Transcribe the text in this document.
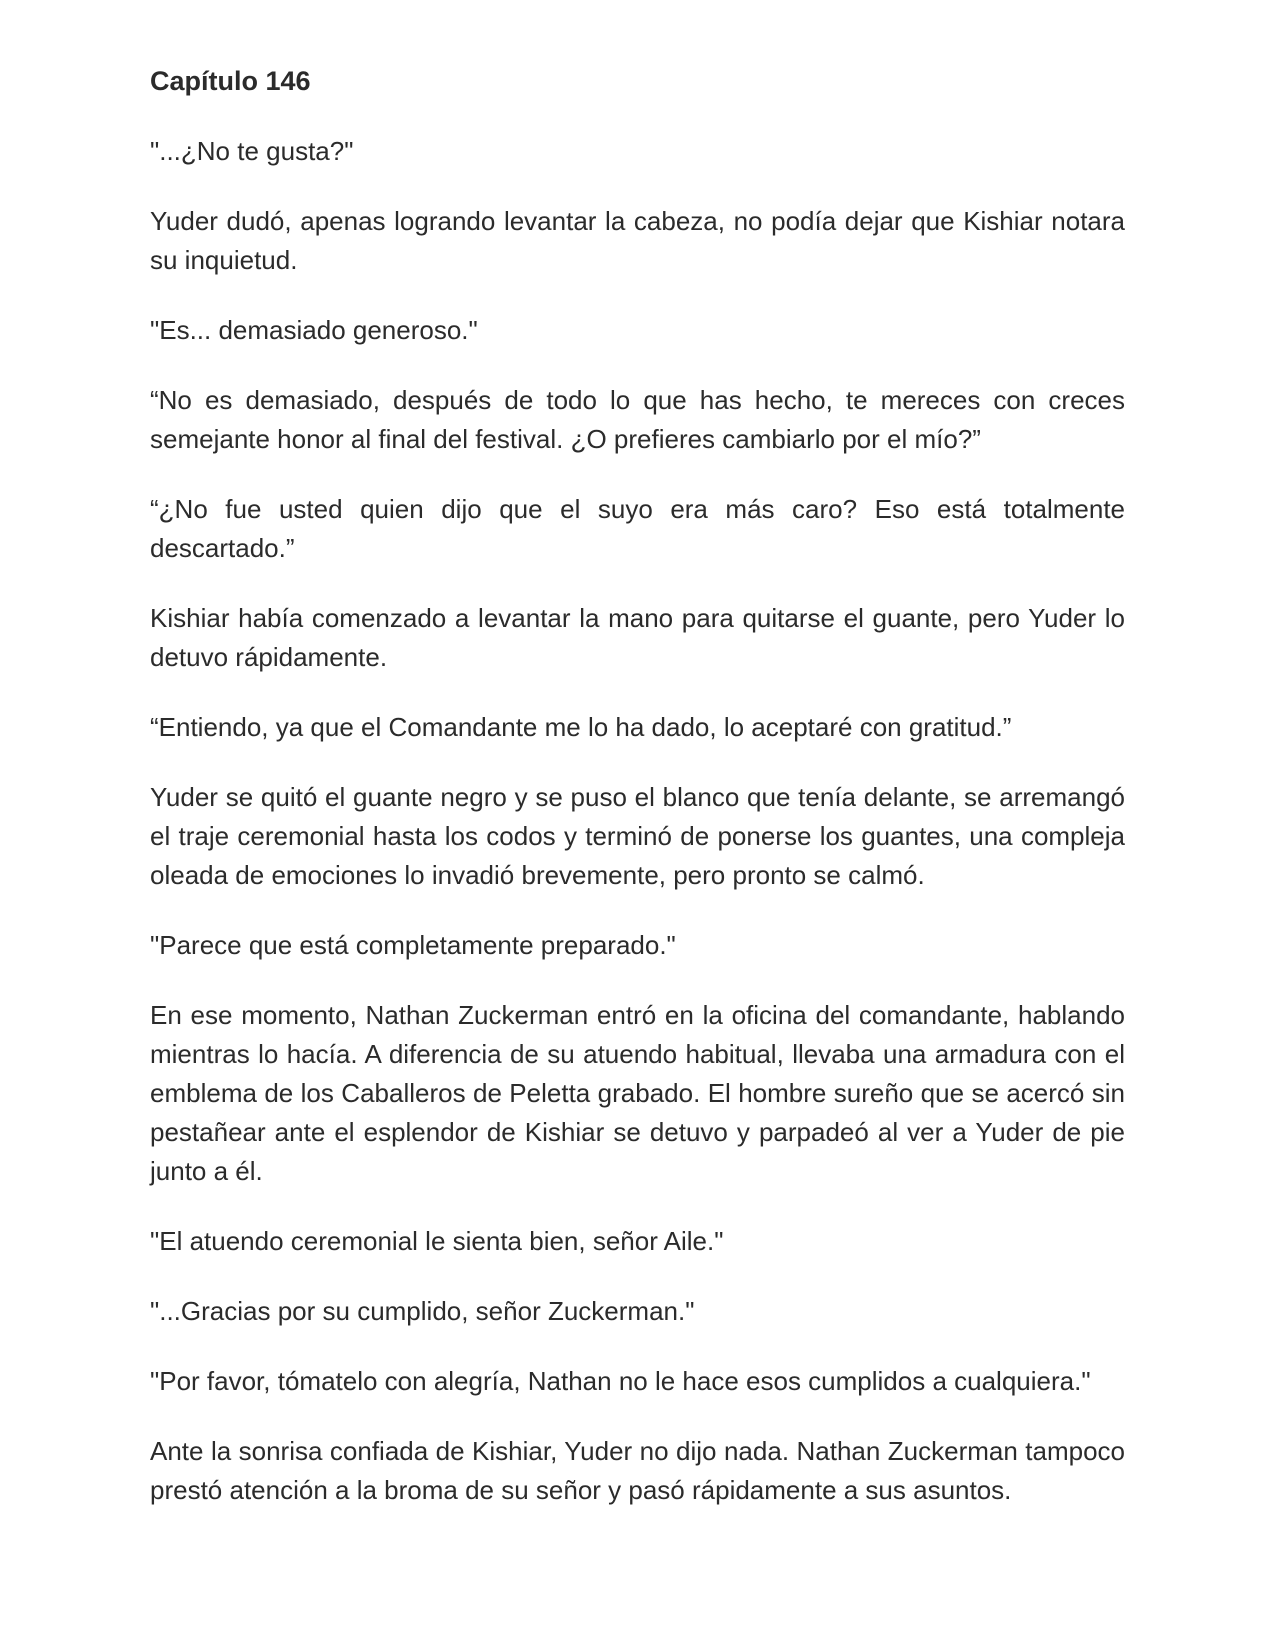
Capítulo 146

"...¿No te gusta?"

Yuder dudó, apenas logrando levantar la cabeza, no podía dejar que Kishiar notara su inquietud.

"Es... demasiado generoso."

“No es demasiado, después de todo lo que has hecho, te mereces con creces semejante honor al final del festival. ¿O prefieres cambiarlo por el mío?”

“¿No fue usted quien dijo que el suyo era más caro? Eso está totalmente descartado.”

Kishiar había comenzado a levantar la mano para quitarse el guante, pero Yuder lo detuvo rápidamente.

“Entiendo, ya que el Comandante me lo ha dado, lo aceptaré con gratitud.”

Yuder se quitó el guante negro y se puso el blanco que tenía delante, se arremangó el traje ceremonial hasta los codos y terminó de ponerse los guantes, una compleja oleada de emociones lo invadió brevemente, pero pronto se calmó.

"Parece que está completamente preparado."

En ese momento, Nathan Zuckerman entró en la oficina del comandante, hablando mientras lo hacía. A diferencia de su atuendo habitual, llevaba una armadura con el emblema de los Caballeros de Peletta grabado. El hombre sureño que se acercó sin pestañear ante el esplendor de Kishiar se detuvo y parpadeó al ver a Yuder de pie junto a él.

"El atuendo ceremonial le sienta bien, señor Aile."

"...Gracias por su cumplido, señor Zuckerman."

"Por favor, tómatelo con alegría, Nathan no le hace esos cumplidos a cualquiera."

Ante la sonrisa confiada de Kishiar, Yuder no dijo nada. Nathan Zuckerman tampoco prestó atención a la broma de su señor y pasó rápidamente a sus asuntos.
